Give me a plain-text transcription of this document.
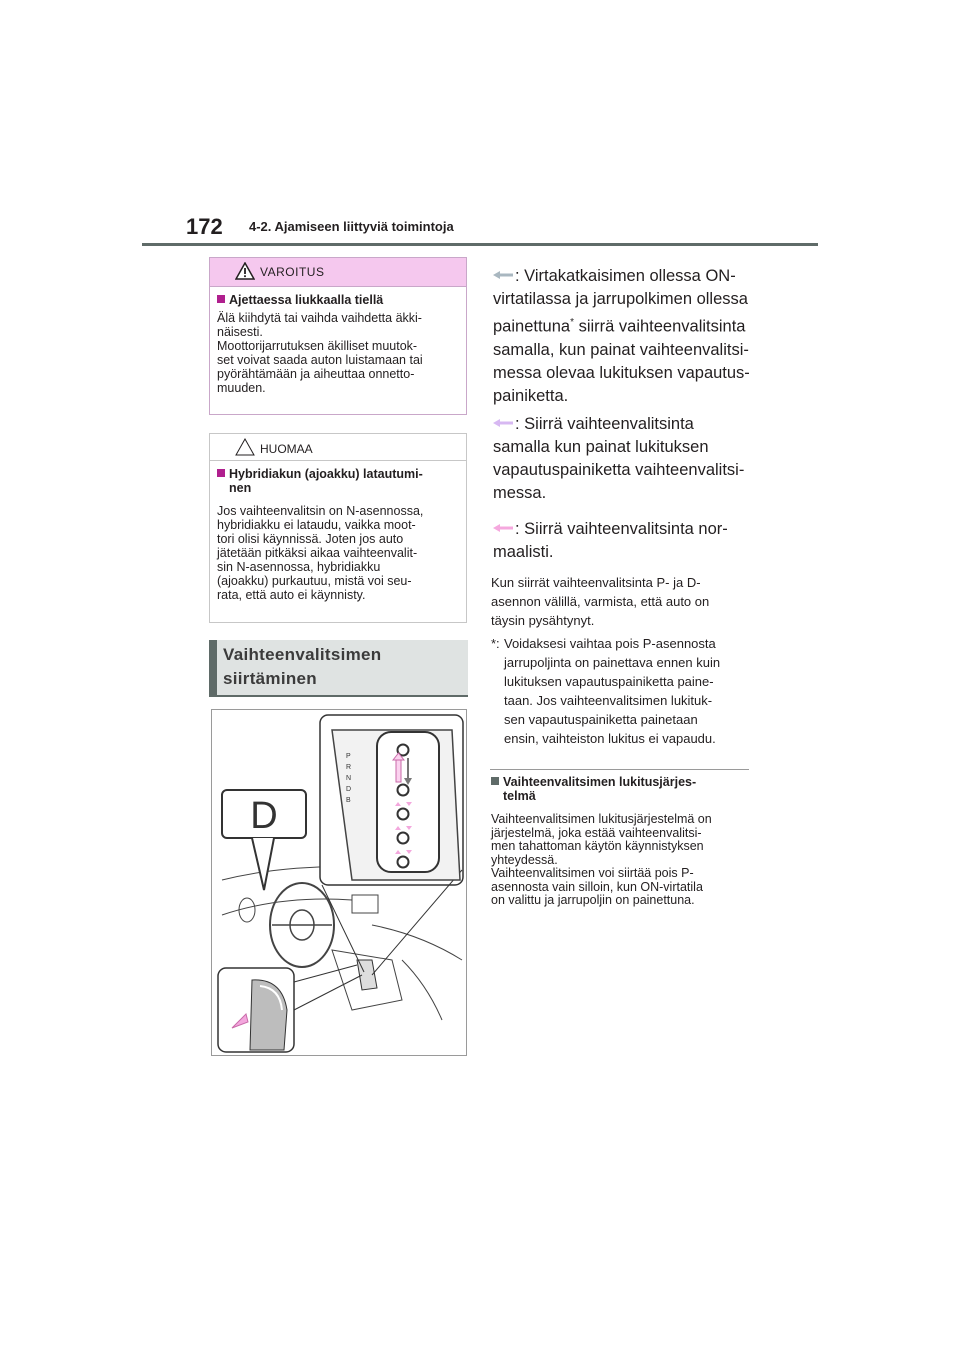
172 4-2. Ajamiseen liittyviä toimintoja
VAROITUS
Ajettaessa liukkaalla tiellä
Älä kiihdytä tai vaihda vaihdetta äkki-
näisesti.
Moottorijarrutuksen äkilliset muutok-
set voivat saada auton luistamaan tai
pyörähtämään ja aiheuttaa onnetto-
muuden.
HUOMAA
Hybridiakun (ajoakku) latautumi-
nen
Jos vaihteenvalitsin on N-asennossa,
hybridiakku ei lataudu, vaikka moot-
tori olisi käynnissä. Joten jos auto
jätetään pitkäksi aikaa vaihteenvalit-
sin N-asennossa, hybridiakku
(ajoakku) purkautuu, mistä voi seu-
rata, että auto ei käynnisty.
Vaihteenvalitsimen
siirtäminen
D
P
R
N
D
B
: Virtakatkaisimen ollessa ON-
virtatilassa ja jarrupolkimen ollessa
painettuna* siirrä vaihteenvalitsinta
samalla, kun painat vaihteenvalitsi-
messa olevaa lukituksen vapautus-
painiketta.
: Siirrä vaihteenvalitsinta
samalla kun painat lukituksen
vapautuspainiketta vaihteenvalitsi-
messa.
: Siirrä vaihteenvalitsinta nor-
maalisti.
Kun siirrät vaihteenvalitsinta P- ja D-
asennon välillä, varmista, että auto on
täysin pysähtynyt.
*: Voidaksesi vaihtaa pois P-asennosta
jarrupoljinta on painettava ennen kuin
lukituksen vapautuspainiketta paine-
taan. Jos vaihteenvalitsimen lukituk-
sen vapautuspainiketta painetaan
ensin, vaihteiston lukitus ei vapaudu.
Vaihteenvalitsimen lukitusjärjes-
telmä
Vaihteenvalitsimen lukitusjärjestelmä on
järjestelmä, joka estää vaihteenvalitsi-
men tahattoman käytön käynnistyksen
yhteydessä.
Vaihteenvalitsimen voi siirtää pois P-
asennosta vain silloin, kun ON-virtatila
on valittu ja jarrupoljin on painettuna.
